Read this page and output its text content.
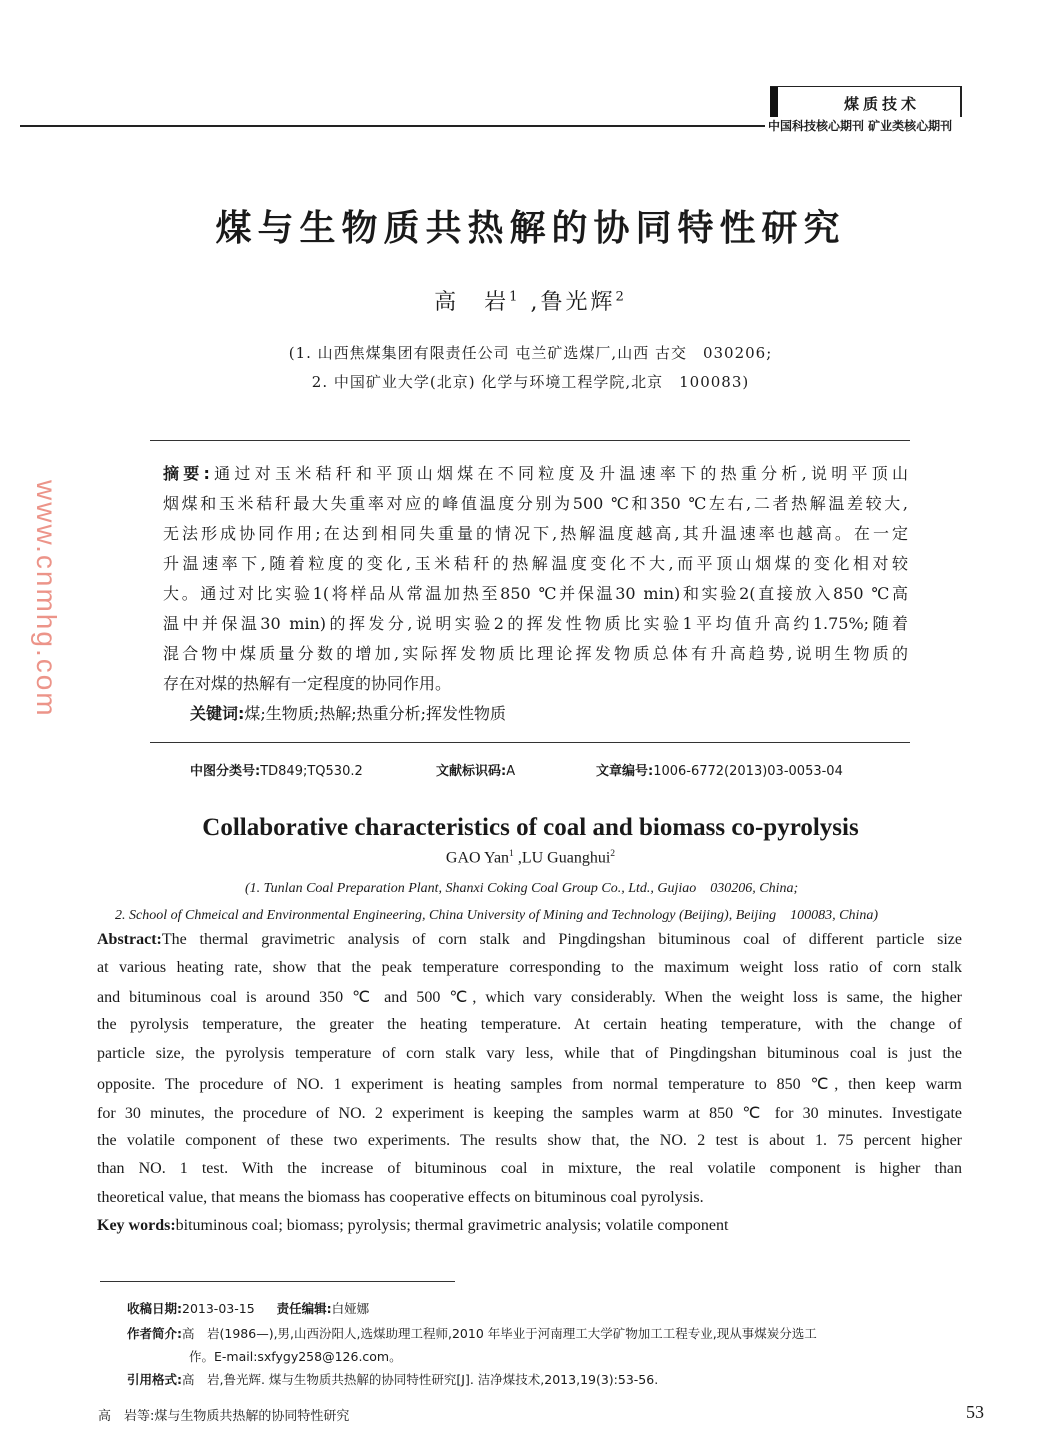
煤质技术
中国科技核心期刊 矿业类核心期刊
煤与生物质共热解的协同特性研究
高　岩$^1$ ,鲁光辉$^2$
(1. 山西焦煤集团有限责任公司 屯兰矿选煤厂,山西 古交　030206;
2. 中国矿业大学(北京) 化学与环境工程学院,北京　100083)
摘要:通过对玉米秸秆和平顶山烟煤在不同粒度及升温速率下的热重分析,说明平顶山
烟煤和玉米秸秆最大失重率对应的峰值温度分别为500 ℃和350 ℃左右,二者热解温差较大,
无法形成协同作用;在达到相同失重量的情况下,热解温度越高,其升温速率也越高。在一定
升温速率下,随着粒度的变化,玉米秸秆的热解温度变化不大,而平顶山烟煤的变化相对较
大。通过对比实验1(将样品从常温加热至850 ℃并保温30 min)和实验2(直接放入850 ℃高
温中并保温30 min)的挥发分,说明实验2的挥发性物质比实验1平均值升高约1.75%;随着
混合物中煤质量分数的增加,实际挥发物质比理论挥发物质总体有升高趋势,说明生物质的
存在对煤的热解有一定程度的协同作用。
关键词:煤;生物质;热解;热重分析;挥发性物质
中图分类号:TD849;TQ530.2	文献标识码:A	文章编号:1006-6772(2013)03-0053-04
Collaborative characteristics of coal and biomass co-pyrolysis
GAO Yan$^1$ ,LU Guanghui$^2$
(1. Tunlan Coal Preparation Plant, Shanxi Coking Coal Group Co., Ltd., Gujiao　030206, China;
2. School of Chmeical and Environmental Engineering, China University of Mining and Technology (Beijing), Beijing　100083, China)
Abstract:The thermal gravimetric analysis of corn stalk and Pingdingshan bituminous coal of different particle size
at various heating rate, show that the peak temperature corresponding to the maximum weight loss ratio of corn stalk
and bituminous coal is around 350 ℃ and 500 ℃, which vary considerably. When the weight loss is same, the higher
the pyrolysis temperature, the greater the heating temperature. At certain heating temperature, with the change of
particle size, the pyrolysis temperature of corn stalk vary less, while that of Pingdingshan bituminous coal is just the
opposite. The procedure of NO. 1 experiment is heating samples from normal temperature to 850 ℃, then keep warm
for 30 minutes, the procedure of NO. 2 experiment is keeping the samples warm at 850 ℃ for 30 minutes. Investigate
the volatile component of these two experiments. The results show that, the NO. 2 test is about 1. 75 percent higher
than NO. 1 test. With the increase of bituminous coal in mixture, the real volatile component is higher than
theoretical value, that means the biomass has cooperative effects on bituminous coal pyrolysis.
Key words:bituminous coal; biomass; pyrolysis; thermal gravimetric analysis; volatile component
收稿日期:2013-03-15 责任编辑:白娅娜
作者简介:高　岩(1986—),男,山西汾阳人,选煤助理工程师,2010 年毕业于河南理工大学矿物加工工程专业,现从事煤炭分选工
作。E-mail:sxfygy258@126.com。
引用格式:高　岩,鲁光辉. 煤与生物质共热解的协同特性研究[J]. 洁净煤技术,2013,19(3):53-56.
高　岩等:煤与生物质共热解的协同特性研究	53
www.cnmhg.com
